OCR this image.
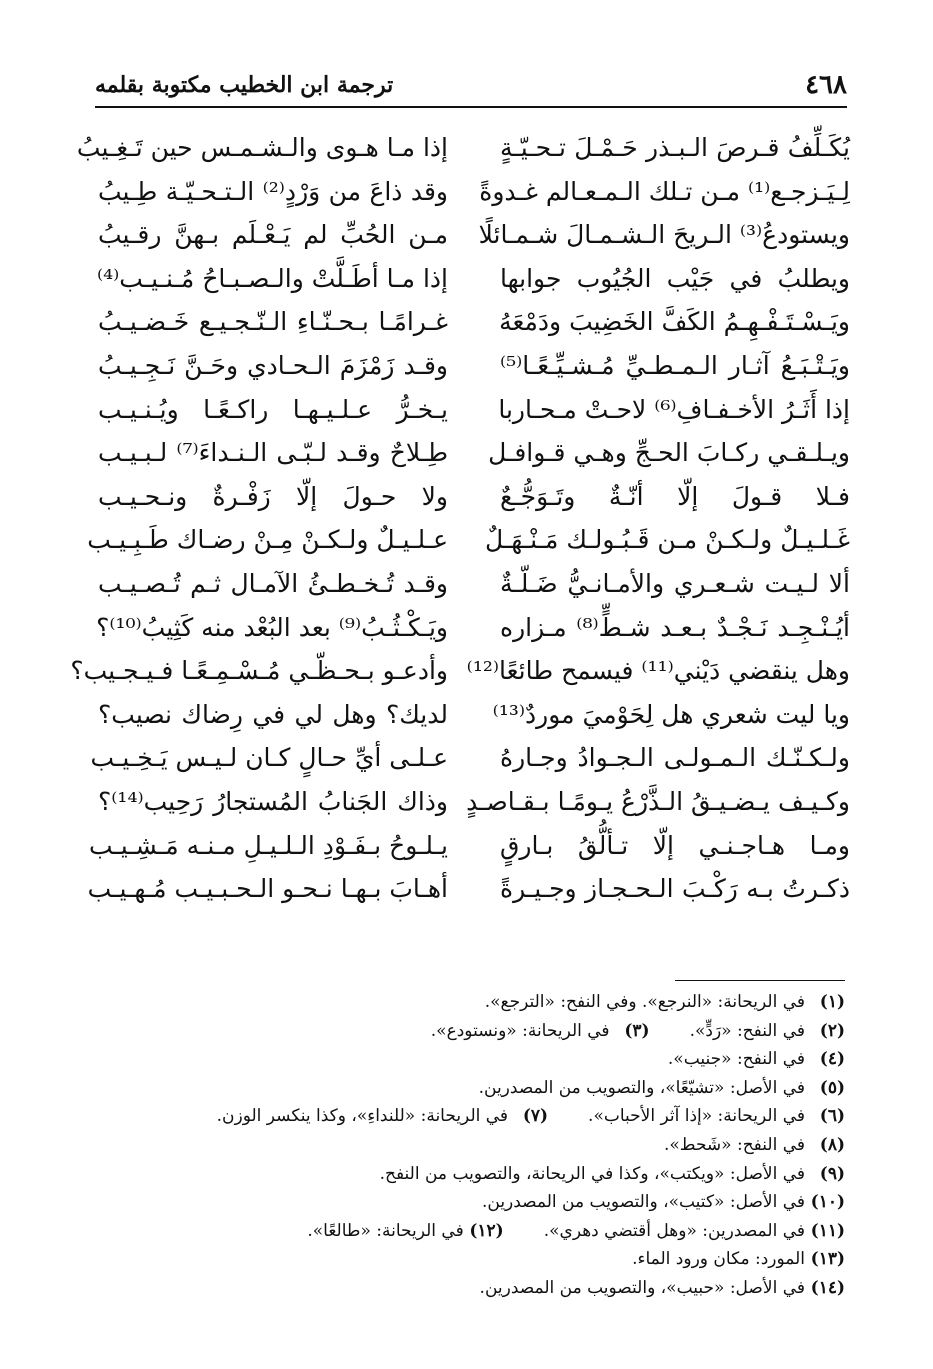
٤٦٨
ترجمة ابن الخطيب مكتوبة بقلمه
يُكَـلِّفُ قـرصَ الـبـذر حَـمْـلَ تـحـيّـةٍ
إذا مـا هـوى والـشـمـس حين تَـغِـيبُ
لِـيَـزجـع⁽¹⁾ مـن تـلك الـمـعـالم غـدوةً
وقد ذاعَ من وَرْدٍ⁽²⁾ الـتـحـيّـة طِـيبُ
ويستودعُ⁽³⁾ الـريحَ الـشـمـالَ شـمـائلًا
مـن الحُبِّ لم يَـعْـلَم بـهنَّ رقـيبُ
ويطلبُ في جَيْب الجُيُوب جوابها
إذا مـا أطَـلَّتْ والـصـبـاحُ مُـنـيـب⁽⁴⁾
ويَـسْـتَـفْـهِـمُ الكَفَّ الخَضِيبَ ودَمْعَهُ
غـرامًـا بـحـنّـاءِ الـنّـجـيـع خَـضـيـبُ
ويَـتْـبَـعُ آثـار الـمـطـيِّ مُـشـيِّـعًـا⁽⁵⁾
وقـد زَمْزَمَ الـحـادي وحَـنَّ نَـجِـيـبُ
إذا أَثَـرُ الأخـفـافِ⁽⁶⁾ لاحـتْ مـحـاربا
يـخـرُّ عـلـيـهـا راكـعًـا ويُـنـيـب
ويـلـقـي ركـابَ الحـجِّ وهـي قـوافـل
طِـلاحٌ وقـد لـبّـى الـنـداءَ⁽⁷⁾ لـبـيـب
فـلا قـولَ إلّا أنّـةٌ وتَـوَجُّـعٌ
ولا حـولَ إلّا زَفْـرةٌ ونـحـيـب
غَـلـيـلٌ ولـكـنْ مـن قَـبُـولـك مَـنْـهَـلٌ
عـلـيـلٌ ولـكـنْ مِـنْ رضـاك طَـبِـيـب
ألا لـيـت شـعـري والأمـانـيُّ ضَـلّـةٌ
وقـد تُـخـطـئُ الآمـال ثـم تُـصـيـب
أيُـنْـجِـد نَـجْـدٌ بـعـد شـطٍّ⁽⁸⁾ مـزاره
ويَـكْـثُـبُ⁽⁹⁾ بعد البُعْد منه كَثِيبُ⁽¹⁰⁾؟
وهل ينقضي دَيْني⁽¹¹⁾ فيسمح طائعًا⁽¹²⁾
وأدعـو بـحـظّـي مُـسْـمِـعًـا فـيـجـيب؟
ويا ليت شعري هل لِحَوْميَ موردٌ⁽¹³⁾
لديك؟ وهل لي في رِضاك نصيب؟
ولـكـنّـك الـمـولـى الـجـوادُ وجـارهُ
عـلـى أيِّ حـالٍ كـان لـيـس يَـخِـيـب
وكـيـف يـضـيـقُ الـذَّرْعُ يـومًـا بـقـاصـدٍ
وذاك الجَنابُ المُستجارُ رَحِيب⁽¹⁴⁾؟
ومـا هـاجـنـي إلّا تـألُّقُ بـارقٍ
يـلـوحُ بـفَـوْدِ الـلـيـلِ مـنـه مَـشِـيـب
ذكـرتُ بـه رَكْـبَ الـحـجـاز وجـيـرةً
أهـابَ بـهـا نـحـو الـحـبـيـب مُـهـيـب
(١)في الريحانة: «النرجع». وفي النفح: «الترجع».
(٢)في النفح: «رَدٍّ».(٣)في الريحانة: «ونستودع».
(٤)في النفح: «جنيب».
(٥)في الأصل: «تشيّعًا»، والتصويب من المصدرين.
(٦)في الريحانة: «إذا آثر الأحباب».(٧)في الريحانة: «للنداءِ»، وكذا ينكسر الوزن.
(٨)في النفح: «شَحط».
(٩)في الأصل: «ويكتب»، وكذا في الريحانة، والتصويب من النفح.
(١٠)في الأصل: «كتيب»، والتصويب من المصدرين.
(١١)في المصدرين: «وهل أقتضي دهري».(١٢)في الريحانة: «طالعًا».
(١٣)المورد: مكان ورود الماء.
(١٤)في الأصل: «حبيب»، والتصويب من المصدرين.
